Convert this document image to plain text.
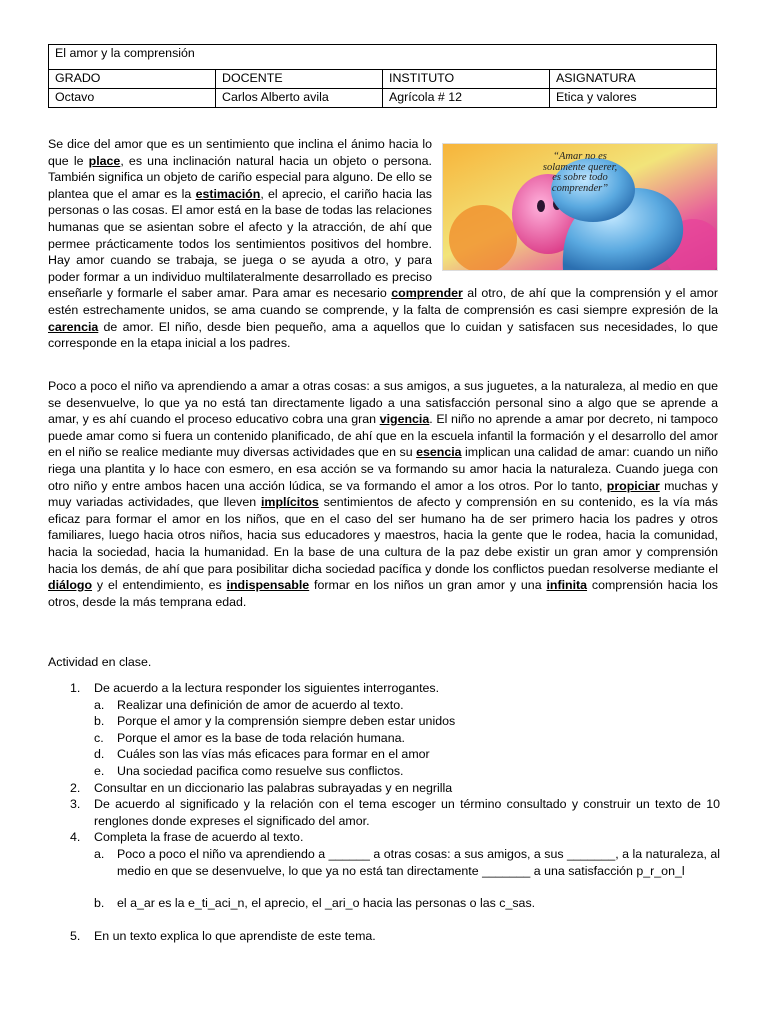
El amor y la comprensión			
GRADO	DOCENTE	INSTITUTO	ASIGNATURA
Octavo	Carlos Alberto avila	Agrícola # 12	Etica y valores
“Amar no es
solamente querer,
es sobre todo
comprender”
Se dice del amor que es un sentimiento que inclina el ánimo hacia lo que le place, es una inclinación natural hacia un objeto o persona. También significa un objeto de cariño especial para alguno. De ello se plantea que el amar es la estimación, el aprecio, el cariño hacia las personas o las cosas. El amor está en la base de todas las relaciones humanas que se asientan sobre el afecto y la atracción, de ahí que permee prácticamente todos los sentimientos positivos del hombre. Hay amor cuando se trabaja, se juega o se ayuda a otro, y para poder formar a un individuo multilateralmente desarrollado es preciso enseñarle y formarle el saber amar. Para amar es necesario comprender al otro, de ahí que la comprensión y el amor estén estrechamente unidos, se ama cuando se comprende, y la falta de comprensión es casi siempre expresión de la carencia de amor. El niño, desde bien pequeño, ama a aquellos que lo cuidan y satisfacen sus necesidades, lo que corresponde en la etapa inicial a los padres.
Poco a poco el niño va aprendiendo a amar a otras cosas: a sus amigos, a sus juguetes, a la naturaleza, al medio en que se desenvuelve, lo que ya no está tan directamente ligado a una satisfacción personal sino a algo que se aprende a amar, y es ahí cuando el proceso educativo cobra una gran vigencia. El niño no aprende a amar por decreto, ni tampoco puede amar como si fuera un contenido planificado, de ahí que en la escuela infantil la formación y el desarrollo del amor en el niño se realice mediante muy diversas actividades que en su esencia implican una calidad de amar: cuando un niño riega una plantita y lo hace con esmero, en esa acción se va formando su amor hacia la naturaleza. Cuando juega con otro niño y entre ambos hacen una acción lúdica, se va formando el amor a los otros. Por lo tanto, propiciar muchas y muy variadas actividades, que lleven implícitos sentimientos de afecto y comprensión en su contenido, es la vía más eficaz para formar el amor en los niños, que en el caso del ser humano ha de ser primero hacia los padres y otros familiares, luego hacia otros niños, hacia sus educadores y maestros, hacia la gente que le rodea, hacia la comunidad, hacia la sociedad, hacia la humanidad. En la base de una cultura de la paz debe existir un gran amor y comprensión hacia los demás, de ahí que para posibilitar dicha sociedad pacífica y donde los conflictos puedan resolverse mediante el diálogo y el entendimiento, es indispensable formar en los niños un gran amor y una infinita comprensión hacia los otros, desde la más temprana edad.
Actividad en clase.
1. De acuerdo a la lectura responder los siguientes interrogantes.
a. Realizar una definición de amor de acuerdo al texto.
b. Porque el amor y la comprensión siempre deben estar unidos
c. Porque el amor es la base de toda relación humana.
d. Cuáles son las vías más eficaces para formar en el amor
e. Una sociedad pacifica como resuelve sus conflictos.
2. Consultar en un diccionario las palabras subrayadas y en negrilla
3. De acuerdo al significado y la relación con el tema escoger un término consultado y construir un texto de 10 renglones donde expreses el significado del amor.
4. Completa la frase de acuerdo al texto.
a. Poco a poco el niño va aprendiendo a ______ a otras cosas: a sus amigos, a sus _______, a la naturaleza, al medio en que se desenvuelve, lo que ya no está tan directamente _______ a una satisfacción p_r_on_l
b. el a_ar es la e_ti_aci_n, el aprecio, el _ari_o hacia las personas o las c_sas.
5. En un texto explica lo que aprendiste de este tema.
